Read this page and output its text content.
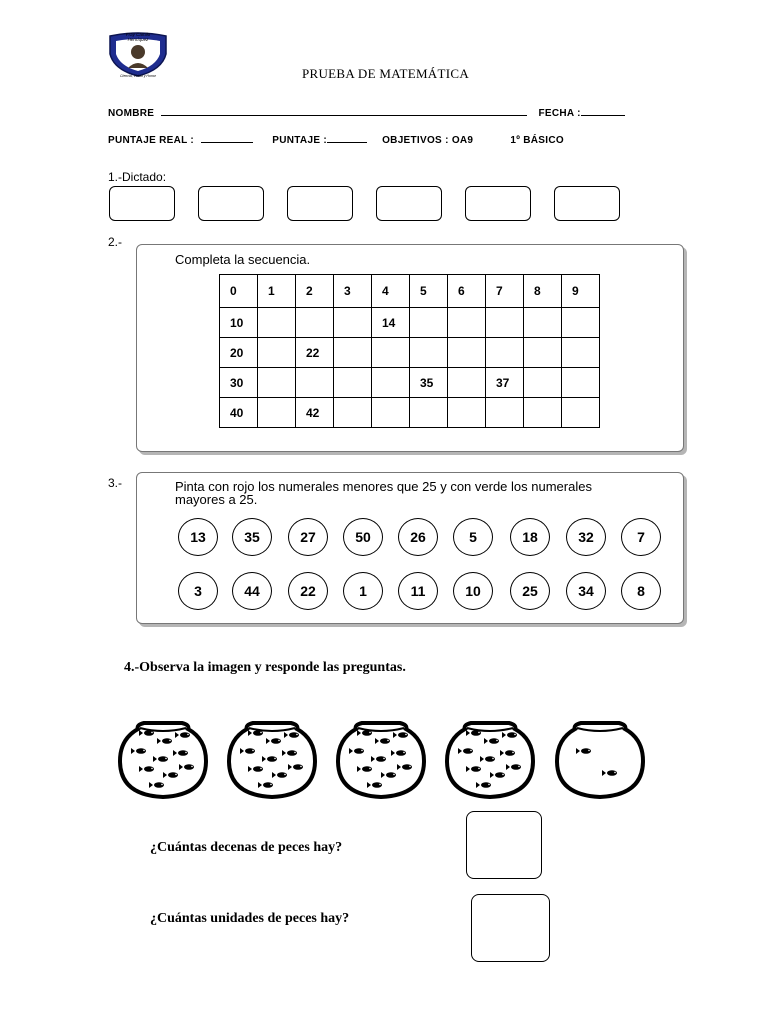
Fray Camilo
Henríquez
Ciencia, Virtud y Honor	PRUEBA DE MATEMÁTICA
NOMBRE	FECHA :
PUNTAJE REAL :	PUNTAJE :	OBJETIVOS : OA9	1º BÁSICO
1.-Dictado:
2.-
Completa la secuencia.
0	1	2	3	4	5	6	7	8	9
10				14					
20		22							
30					35		37		
40		42							
3.-	Pinta con rojo los numerales menores que 25 y con verde los numerales
mayores a 25.
13	35	27	50	26	5	18	32	7
3	44	22	1	11	10	25	34	8
4.-Observa la imagen y responde las preguntas.
¿Cuántas decenas de peces hay?
¿Cuántas unidades de peces hay?
